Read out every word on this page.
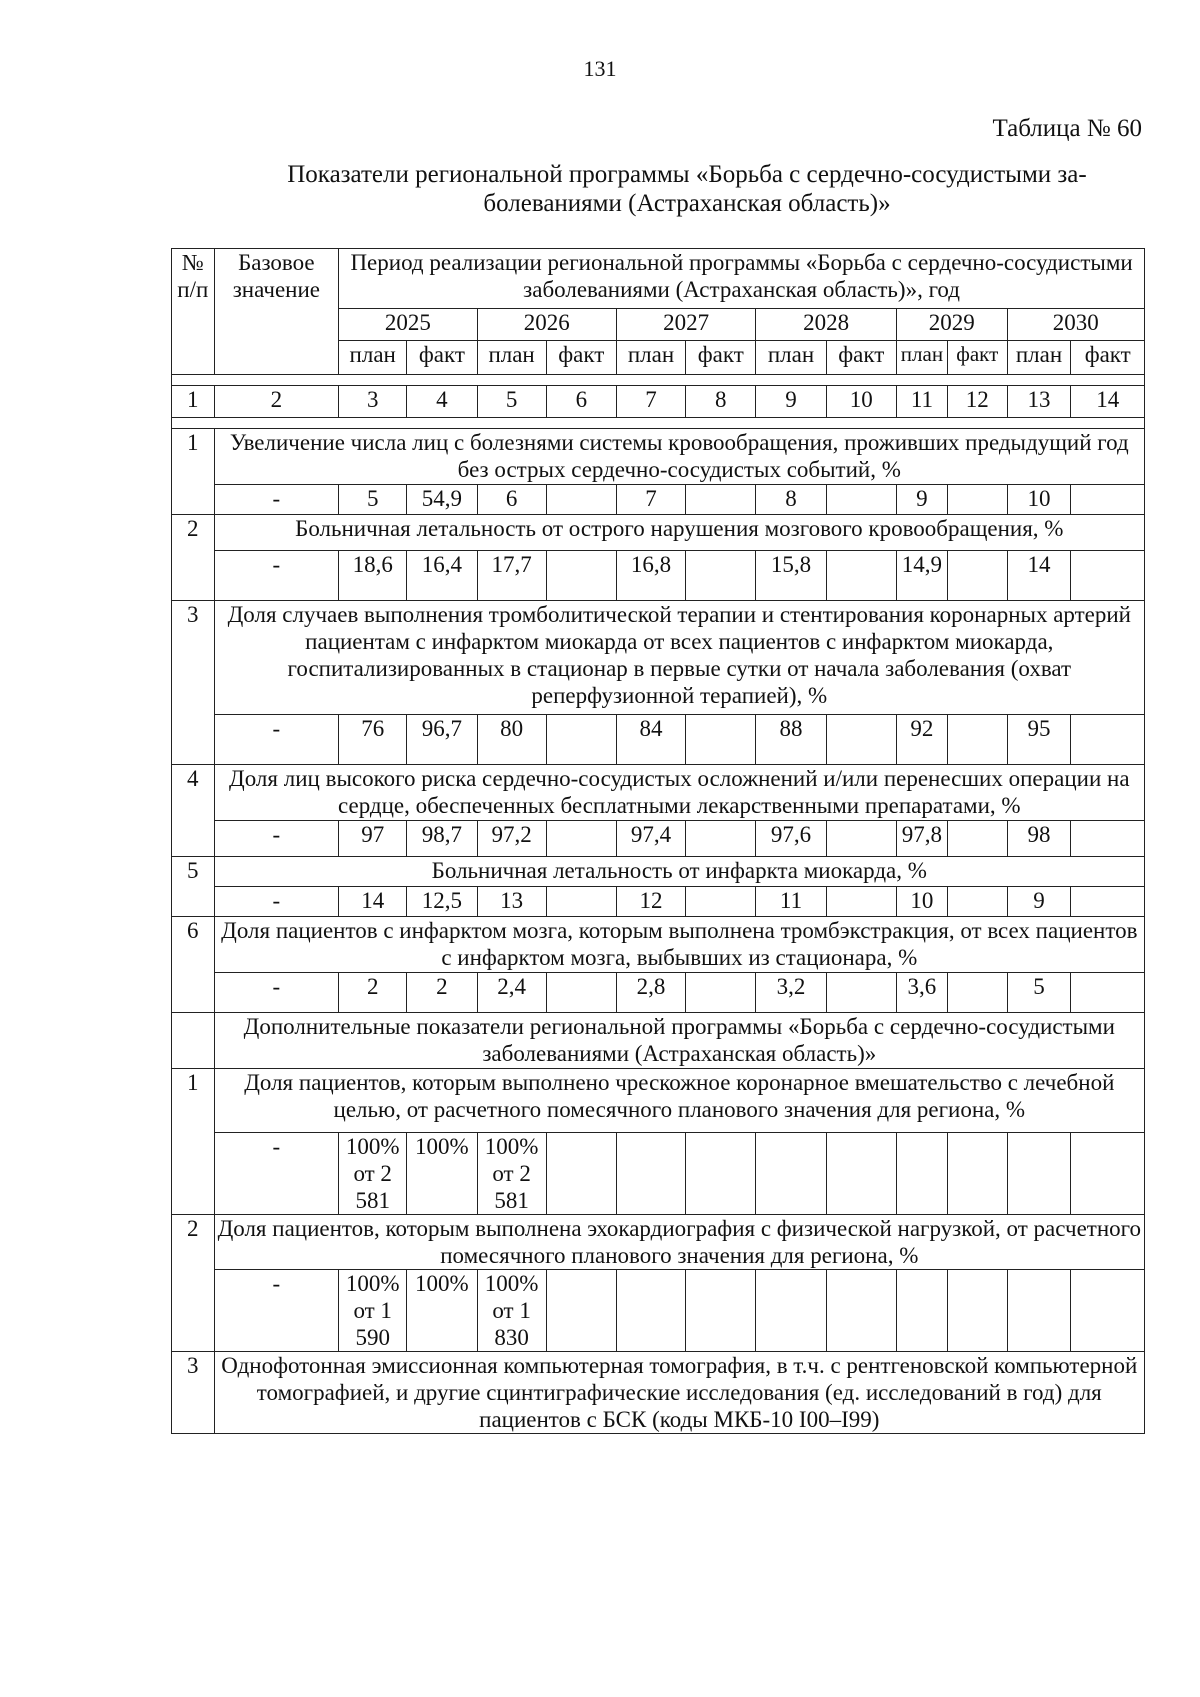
131
Таблица № 60
Показатели региональной программы «Борьба с сердечно-сосудистыми за-
болеваниями (Астраханская область)»
№ п/п	Базовое значение	Период реализации региональной программы «Борьба с сердечно-сосудистыми заболеваниями (Астраханская область)», год											
		2025		2026		2027		2028		2029		2030	
		план	факт	план	факт	план	факт	план	факт	план	факт	план	факт

1	2	3	4	5	6	7	8	9	10	11	12	13	14

1	Увеличение числа лиц с болезнями системы кровообращения, проживших предыдущий год без острых сердечно-сосудистых событий, %												
	-	5	54,9	6		7		8		9		10	
2	Больничная летальность от острого нарушения мозгового кровообращения, %												
	-	18,6	16,4	17,7		16,8		15,8		14,9		14	
3	Доля случаев выполнения тромболитической терапии и стентирования коронарных артерий пациентам с инфарктом миокарда от всех пациентов с инфарктом миокарда, госпитализированных в стационар в первые сутки от начала заболевания (охват реперфузионной терапией), %												
	-	76	96,7	80		84		88		92		95	
4	Доля лиц высокого риска сердечно-сосудистых осложнений и/или перенесших операции на сердце, обеспеченных бесплатными лекарственными препаратами, %												
	-	97	98,7	97,2		97,4		97,6		97,8		98	
5	Больничная летальность от инфаркта миокарда, %												
	-	14	12,5	13		12		11		10		9	
6	Доля пациентов с инфарктом мозга, которым выполнена тромбэкстракция, от всех пациентов с инфарктом мозга, выбывших из стационара, %												
	-	2	2	2,4		2,8		3,2		3,6		5	
	Дополнительные показатели региональной программы «Борьба с сердечно-сосудистыми заболеваниями (Астраханская область)»												
1	Доля пациентов, которым выполнено чрескожное коронарное вмешательство с лечебной целью, от расчетного помесячного планового значения для региона, %												
	-	100% от 2 581	100%	100% от 2 581									
2	Доля пациентов, которым выполнена эхокардиография с физической нагрузкой, от расчетного помесячного планового значения для региона, %												
	-	100% от 1 590	100%	100% от 1 830									
3	Однофотонная эмиссионная компьютерная томография, в т.ч. с рентгеновской компьютерной томографией, и другие сцинтиграфические исследования (ед. исследований в год) для пациентов с БСК (коды МКБ-10 I00–I99)												
